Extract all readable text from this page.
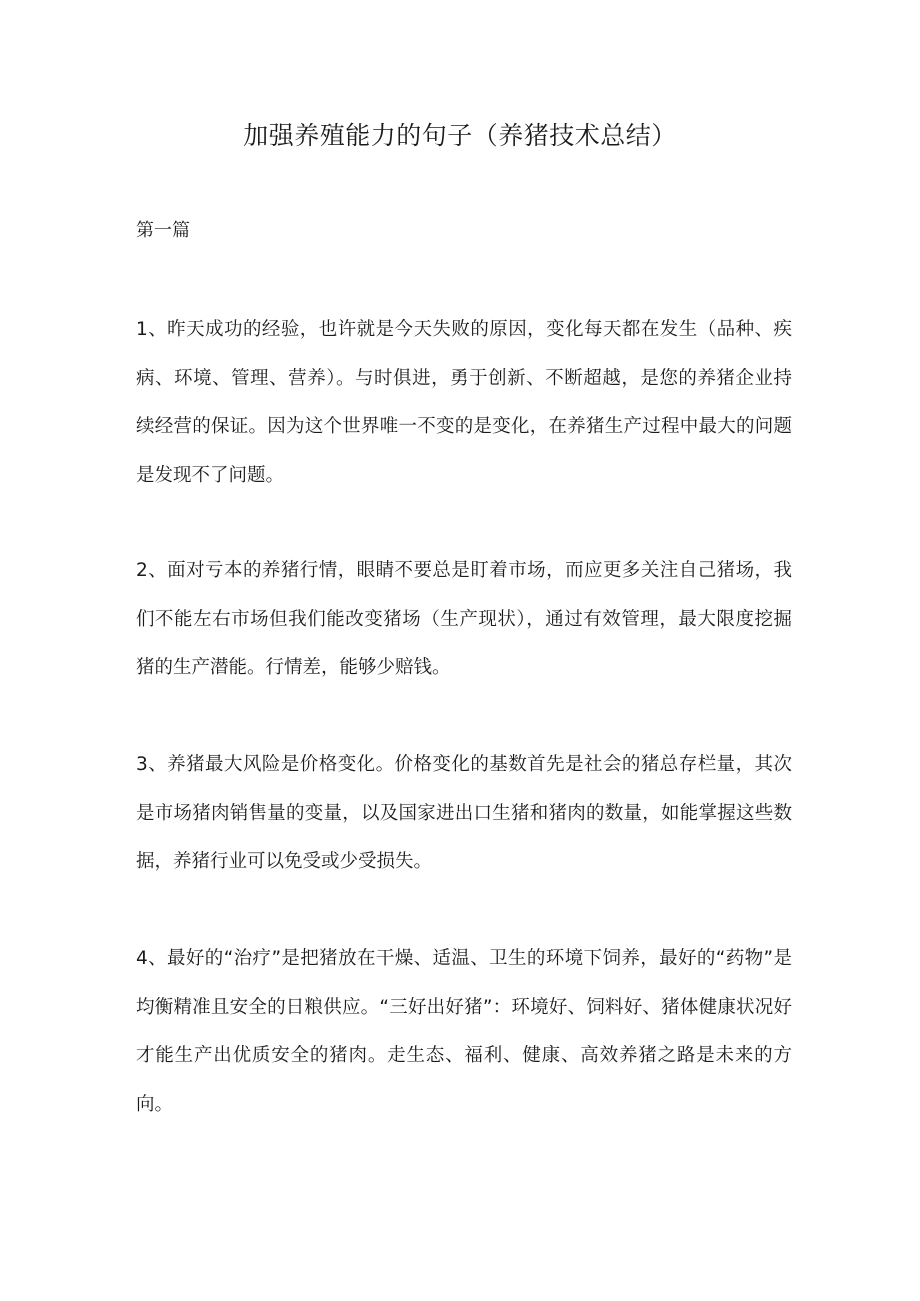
加强养殖能力的句子（养猪技术总结）
第一篇

1、昨天成功的经验，也许就是今天失败的原因，变化每天都在发生（品种、疾病、环境、管理、营养）。与时俱进，勇于创新、不断超越，是您的养猪企业持续经营的保证。因为这个世界唯一不变的是变化，在养猪生产过程中最大的问题是发现不了问题。

2、面对亏本的养猪行情，眼睛不要总是盯着市场，而应更多关注自己猪场，我们不能左右市场但我们能改变猪场（生产现状），通过有效管理，最大限度挖掘猪的生产潜能。行情差，能够少赔钱。

3、养猪最大风险是价格变化。价格变化的基数首先是社会的猪总存栏量，其次是市场猪肉销售量的变量，以及国家进出口生猪和猪肉的数量，如能掌握这些数据，养猪行业可以免受或少受损失。

4、最好的“治疗”是把猪放在干燥、适温、卫生的环境下饲养，最好的“药物”是均衡精准且安全的日粮供应。“三好出好猪”：环境好、饲料好、猪体健康状况好才能生产出优质安全的猪肉。走生态、福利、健康、高效养猪之路是未来的方向。
